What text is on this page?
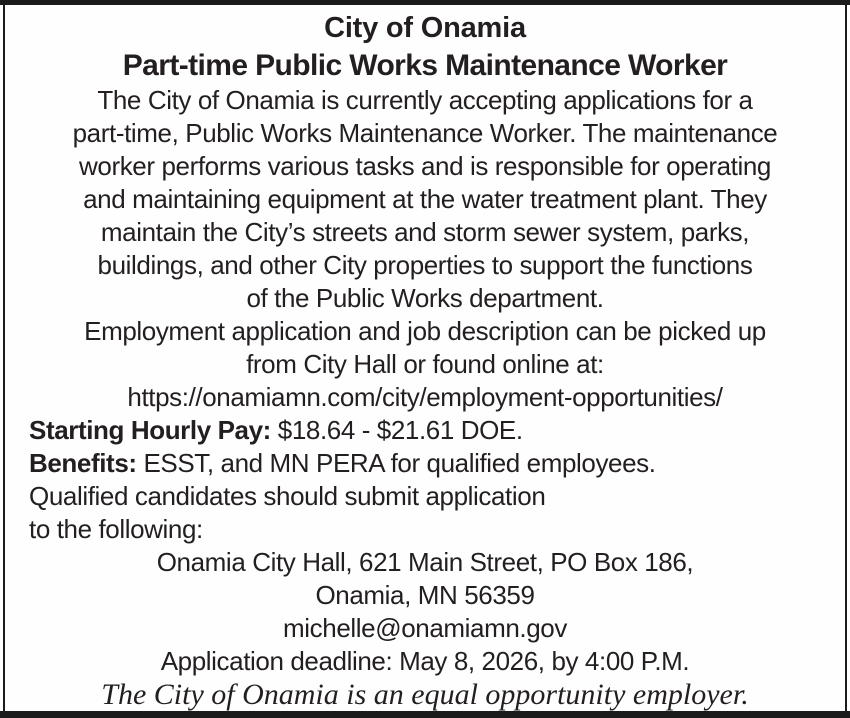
City of Onamia
Part-time Public Works Maintenance Worker
The City of Onamia is currently accepting applications for a
part-time, Public Works Maintenance Worker. The maintenance
worker performs various tasks and is responsible for operating
and maintaining equipment at the water treatment plant. They
maintain the City’s streets and storm sewer system, parks,
buildings, and other City properties to support the functions
of the Public Works department.
Employment application and job description can be picked up
from City Hall or found online at:
https://onamiamn.com/city/employment-opportunities/
Starting Hourly Pay: $18.64 - $21.61 DOE.
Benefits: ESST, and MN PERA for qualified employees.
Qualified candidates should submit application
to the following:
Onamia City Hall, 621 Main Street, PO Box 186,
Onamia, MN 56359
michelle@onamiamn.gov
Application deadline: May 8, 2026, by 4:00 P.M.
The City of Onamia is an equal opportunity employer.
